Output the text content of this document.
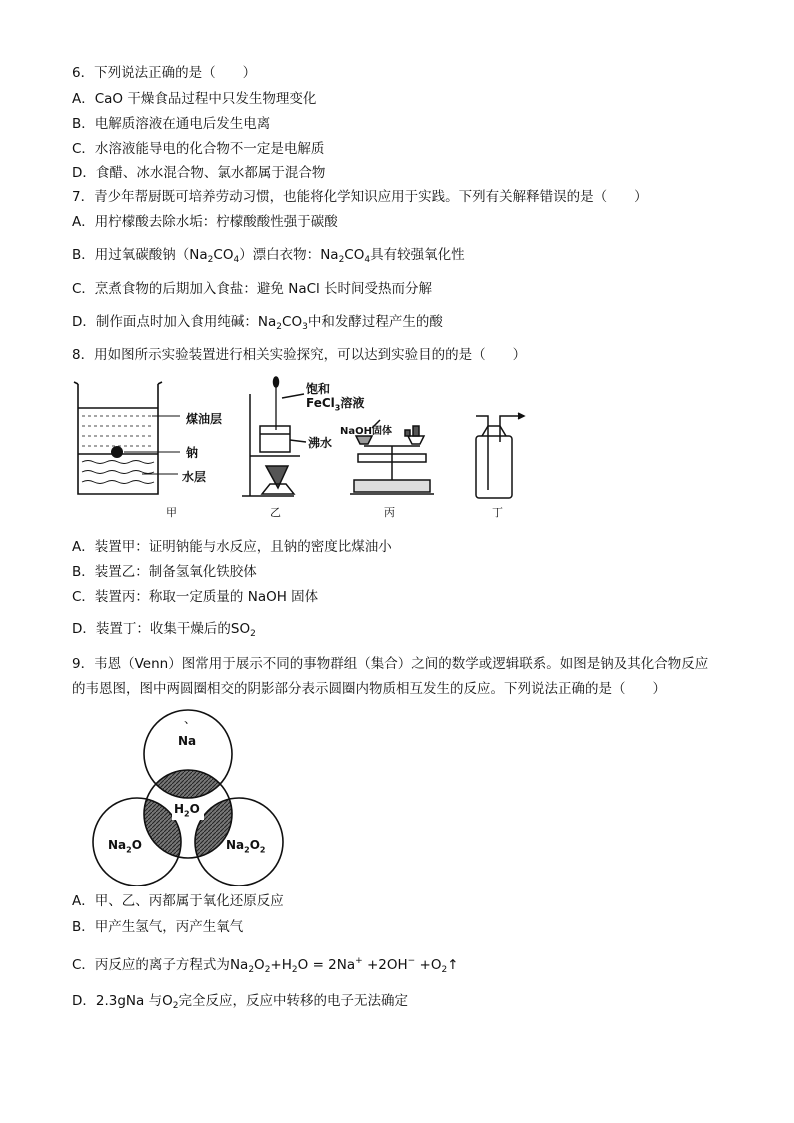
6．下列说法正确的是（　　）
A．CaO 干燥食品过程中只发生物理变化
B．电解质溶液在通电后发生电离
C．水溶液能导电的化合物不一定是电解质
D．食醋、冰水混合物、氯水都属于混合物
7．青少年帮厨既可培养劳动习惯，也能将化学知识应用于实践。下列有关解释错误的是（　　）
A．用柠檬酸去除水垢：柠檬酸酸性强于碳酸
B．用过氧碳酸钠$(Na_2CO_4)$漂白衣物：$Na_2CO_4$具有较强氧化性
C．烹煮食物的后期加入食盐：避免 NaCl 长时间受热而分解
D．制作面点时加入食用纯碱：$Na_2CO_3$中和发酵过程产生的酸
8．用如图所示实验装置进行相关实验探究，可以达到实验目的的是（　　）
煤油层
钠
水层
饱和
FeCl$_3$溶液
沸水
NaOH固体
甲	乙	丙	丁
A．装置甲：证明钠能与水反应，且钠的密度比煤油小
B．装置乙：制备氢氧化铁胶体
C．装置丙：称取一定质量的 NaOH 固体
D．装置丁：收集干燥后的$SO_2$
9．韦恩（Venn）图常用于展示不同的事物群组（集合）之间的数学或逻辑联系。如图是钠及其化合物反应
的韦恩图，图中两圆圈相交的阴影部分表示圆圈内物质相互发生的反应。下列说法正确的是（　　）
、
Na
$H_2O$
$Na_2O$	$Na_2O_2$
A．甲、乙、丙都属于氧化还原反应
B．甲产生氢气，丙产生氧气
C．丙反应的离子方程式为$Na_2O_2+H_2O = 2Na^+ +2OH^-$ $+O_2↑$
D．2.3gNa 与$O_2$完全反应，反应中转移的电子无法确定
